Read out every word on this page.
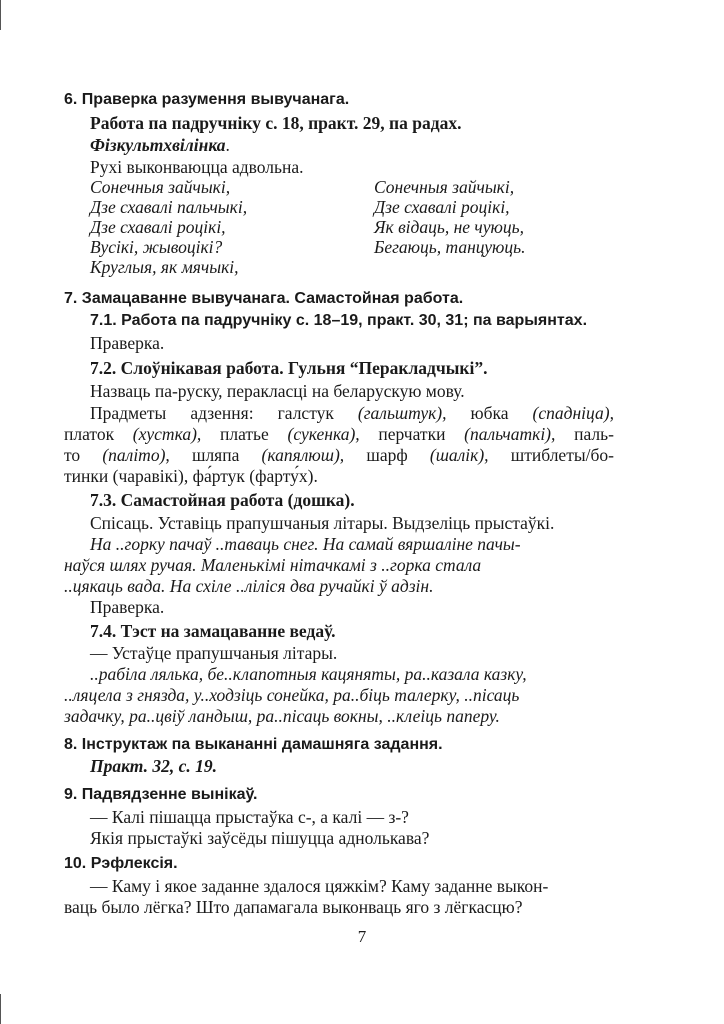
6. Праверка разумення вывучанага.
Работа па падручніку с. 18, практ. 29, па радах.
Фізкультхвілінка.
Рухі выконваюцца адвольна.
Сонечныя зайчыкі,
Дзе схавалі пальчыкі,
Дзе схавалі роцікі,
Вусікі, жывоцікі?
Круглыя, як мячыкі,
Сонечныя зайчыкі,
Дзе схавалі роцікі,
Як відаць, не чуюць,
Бегаюць, танцуюць.
7. Замацаванне вывучанага. Самастойная работа.
7.1. Работа па падручніку с. 18–19, практ. 30, 31; па варыянтах.
Праверка.
7.2. Слоўнікавая работа. Гульня “Перакладчыкі”.
Назваць па-руску, перакласці на беларускую мову.
Прадметы адзення: галстук (гальштук), юбка (спадніца),
платок (хустка), платье (сукенка), перчатки (пальчаткі), паль-
то (паліто), шляпа (капялюш), шарф (шалік), штиблеты/бо-
тинки (чаравікі), фа́ртук (фарту́х).
7.3. Самастойная работа (дошка).
Спісаць. Уставіць прапушчаныя літары. Выдзеліць прыстаўкі.
На ..горку пачаў ..таваць снег. На самай вяршаліне пачы-
наўся шлях ручая. Маленькімі нітачкамі з ..горка стала
..цякаць вада. На схіле ..ліліся два ручайкі ў адзін.
Праверка.
7.4. Тэст на замацаванне ведаў.
— Устаўце прапушчаныя літары.
..рабіла лялька, бе..клапотныя кацяняты, ра..казала казку,
..ляцела з гнязда, у..ходзіць сонейка, ра..біць талерку, ..пісаць
задачку, ра..цвіў ландыш, ра..пісаць вокны, ..клеіць паперу.
8. Інструктаж па выкананні дамашняга задання.
Практ. 32, с. 19.
9. Падвядзенне вынікаў.
— Калі пішацца прыстаўка с-, а калі — з-?
Якія прыстаўкі заўсёды пішуцца аднолькава?
10. Рэфлексія.
— Каму і якое заданне здалося цяжкім? Каму заданне выкон-
ваць было лёгка? Што дапамагала выконваць яго з лёгкасцю?
7
